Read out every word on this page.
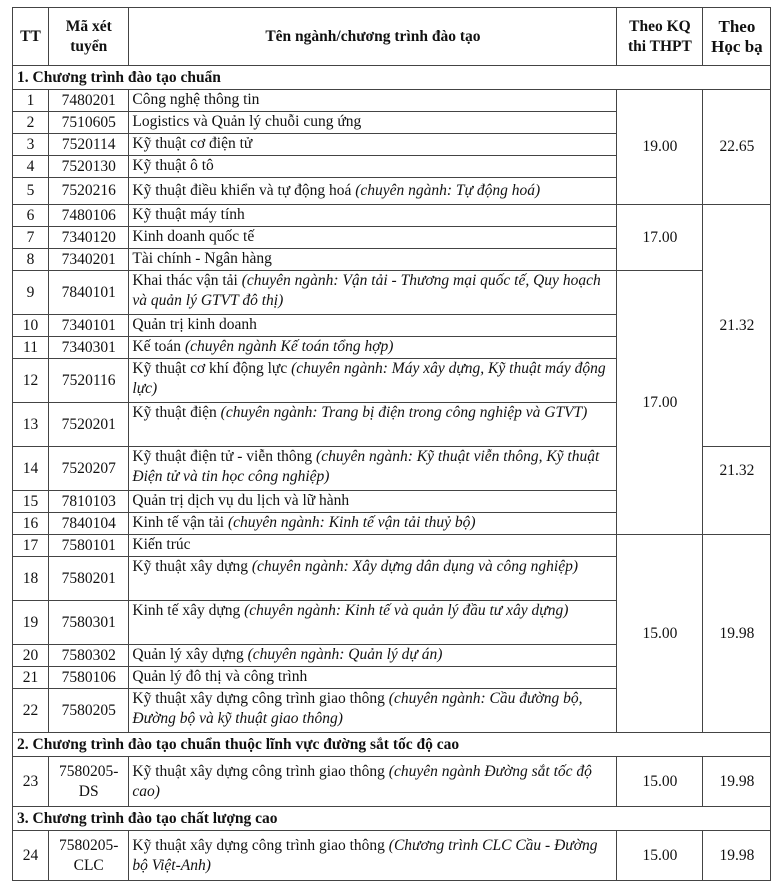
TT	Mã xét tuyển	Tên ngành/chương trình đào tạo	Theo KQ thi THPT	Theo Học bạ
1. Chương trình đào tạo chuẩn				
1	7480201	Công nghệ thông tin	19.00	22.65
2	7510605	Logistics và Quản lý chuỗi cung ứng		
3	7520114	Kỹ thuật cơ điện tử		
4	7520130	Kỹ thuật ô tô		
5	7520216	Kỹ thuật điều khiển và tự động hoá (chuyên ngành: Tự động hoá)		
6	7480106	Kỹ thuật máy tính	17.00	21.32
7	7340120	Kinh doanh quốc tế		
8	7340201	Tài chính - Ngân hàng		
9	7840101	Khai thác vận tải (chuyên ngành: Vận tải - Thương mại quốc tế, Quy hoạch và quản lý GTVT đô thị)	17.00	
10	7340101	Quản trị kinh doanh		
11	7340301	Kế toán (chuyên ngành Kế toán tổng hợp)		
12	7520116	Kỹ thuật cơ khí động lực (chuyên ngành: Máy xây dựng, Kỹ thuật máy động lực)		
13	7520201	Kỹ thuật điện (chuyên ngành: Trang bị điện trong công nghiệp và GTVT)		
14	7520207	Kỹ thuật điện tử - viễn thông (chuyên ngành: Kỹ thuật viễn thông, Kỹ thuật Điện tử và tin học công nghiệp)		21.32
15	7810103	Quản trị dịch vụ du lịch và lữ hành		
16	7840104	Kinh tế vận tải (chuyên ngành: Kinh tế vận tải thuỷ bộ)		
17	7580101	Kiến trúc	15.00	19.98
18	7580201	Kỹ thuật xây dựng (chuyên ngành: Xây dựng dân dụng và công nghiệp)		
19	7580301	Kinh tế xây dựng (chuyên ngành: Kinh tế và quản lý đầu tư xây dựng)		
20	7580302	Quản lý xây dựng (chuyên ngành: Quản lý dự án)		
21	7580106	Quản lý đô thị và công trình		
22	7580205	Kỹ thuật xây dựng công trình giao thông (chuyên ngành: Cầu đường bộ, Đường bộ và kỹ thuật giao thông)		
2. Chương trình đào tạo chuẩn thuộc lĩnh vực đường sắt tốc độ cao				
23	7580205-DS	Kỹ thuật xây dựng công trình giao thông (chuyên ngành Đường sắt tốc độ cao)	15.00	19.98
3. Chương trình đào tạo chất lượng cao				
24	7580205-CLC	Kỹ thuật xây dựng công trình giao thông (Chương trình CLC Cầu - Đường bộ Việt-Anh)	15.00	19.98
